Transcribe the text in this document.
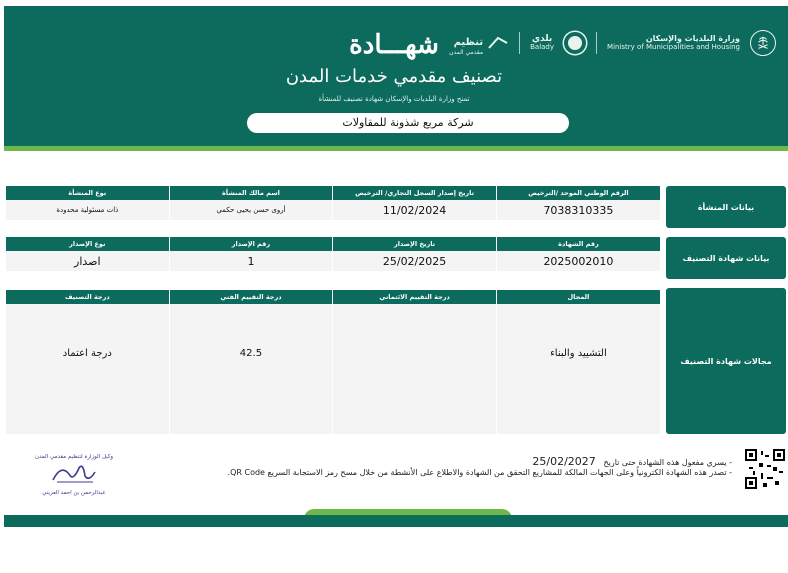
وزارة البلديات والإسكان
Ministry of Municipalities and Housing
بلدي
Balady
تنظيم
مقدمي المدن
شهـــادة
تصنيف مقدمي خدمات المدن
تمنح وزارة البلديات والإسكان شهادة تصنيف للمنشأة
شركة مربع شذونة للمقاولات
بيانات المنشأة
الرقم الوطني الموحد /الترخيص	تاريخ إصدار السجل التجاري/ الترخيص	اسم مالك المنشأة	نوع المنشأة
7038310335	11/02/2024	أروى حسن يحيى حكمي	ذات مسئولية محدودة
بيانات شهادة التصنيف
رقم الشهادة	تاريخ الإصدار	رقم الإصدار	نوع الإصدار
2025002010	25/02/2025	1	اصدار
مجالات شهادة التصنيف
المجال	درجة التقييم الائتماني	درجة التقييم الفني	درجة التصنيف
التشييد والبناء		42.5	درجة اعتماد
- يسري مفعول هذه الشهادة حتى تاريخ   25/02/2027
- تصدر هذه الشهادة الكترونياً وعلى الجهات المالكة للمشاريع التحقق من الشهادة والاطلاع على الأنشطة من خلال مسح رمز الاستجابة السريع QR Code.
وكيل الوزارة لتنظيم مقدمي المدن
عبدالرحمن بن احمد العريني
